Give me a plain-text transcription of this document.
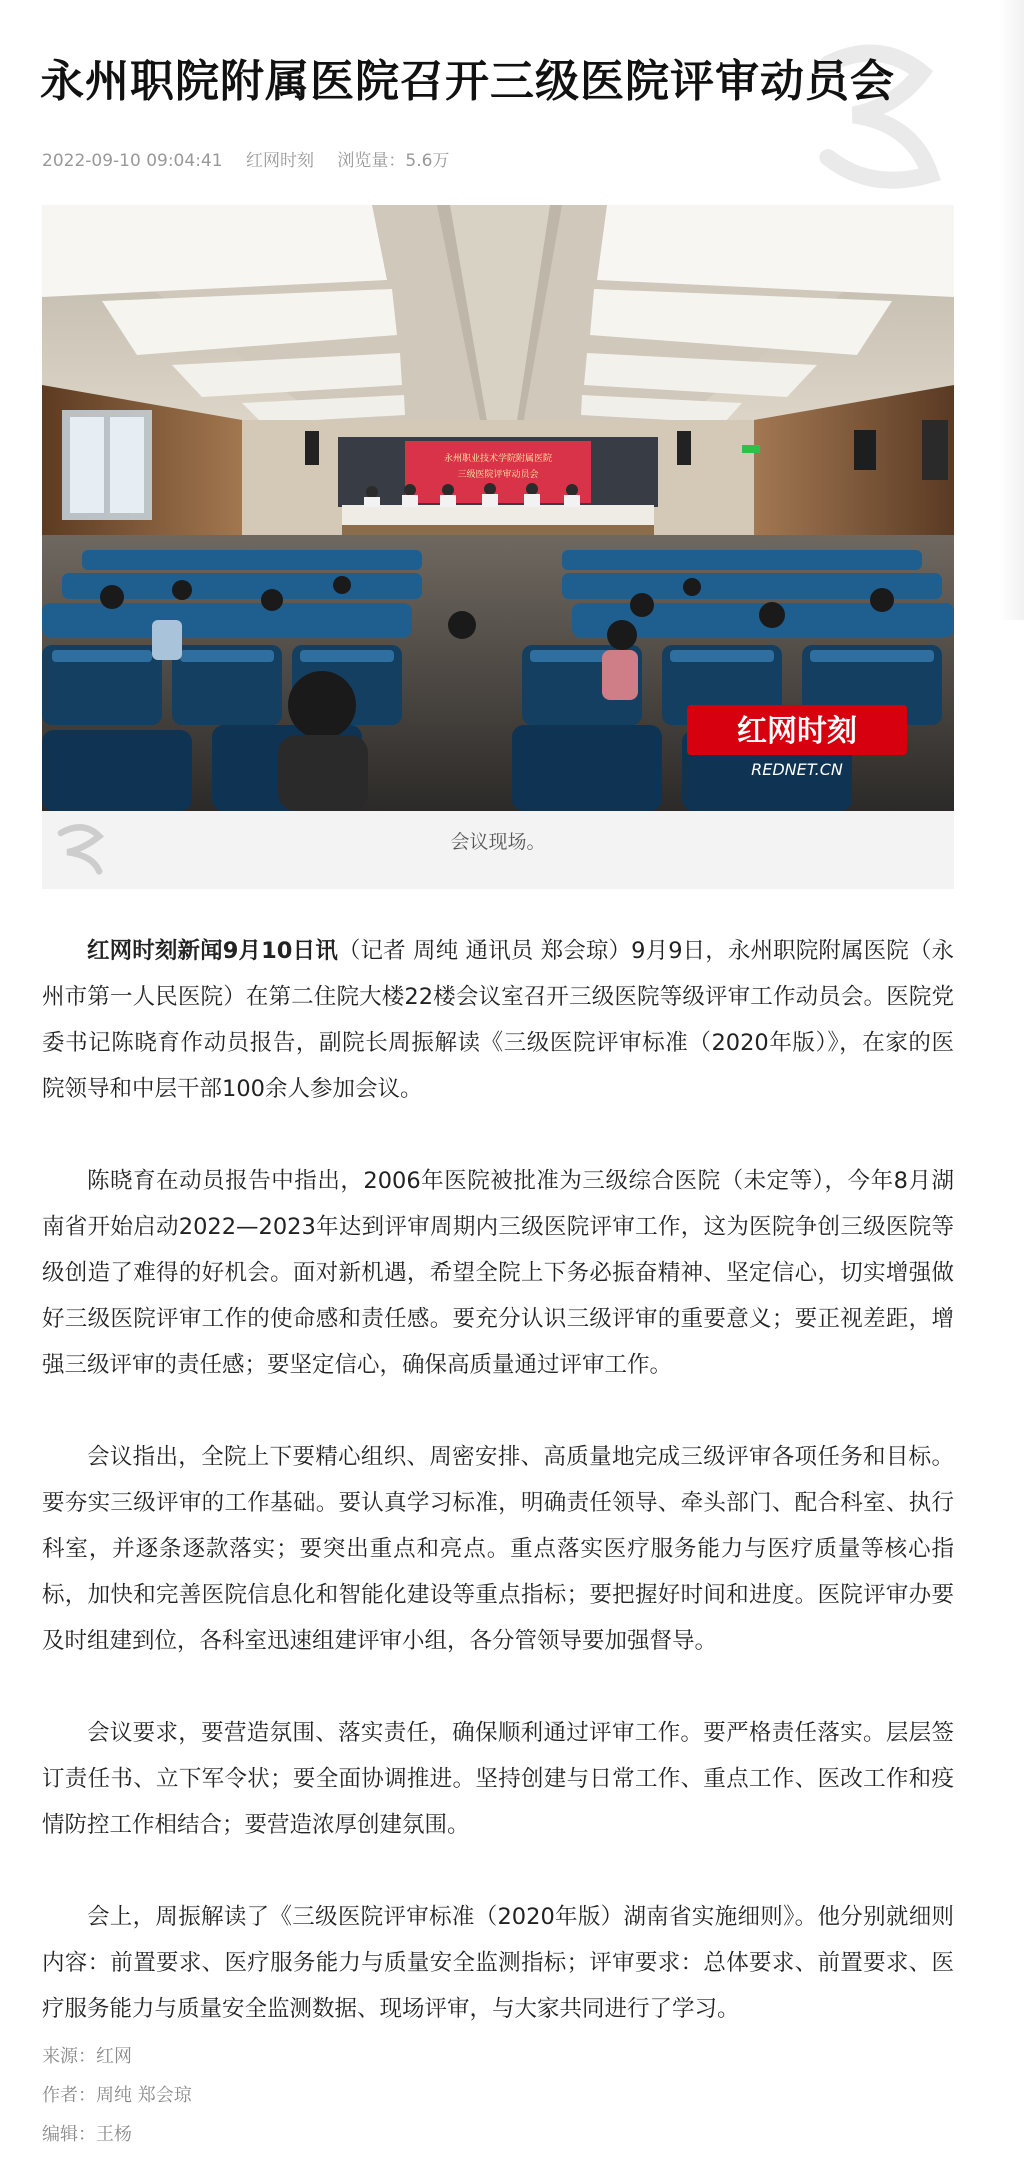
永州职院附属医院召开三级医院评审动员会
2022-09-10 09:04:41 红网时刻 浏览量：5.6万
永州职业技术学院附属医院
三级医院评审动员会
红网时刻
REDNET.CN
会议现场。

红网时刻新闻9月10日讯（记者 周纯 通讯员 郑会琼）9月9日，永州职院附属医院（永州市第一人民医院）在第二住院大楼22楼会议室召开三级医院等级评审工作动员会。医院党委书记陈晓育作动员报告，副院长周振解读《三级医院评审标准（2020年版）》，在家的医院领导和中层干部100余人参加会议。

陈晓育在动员报告中指出，2006年医院被批准为三级综合医院（未定等），今年8月湖南省开始启动2022—2023年达到评审周期内三级医院评审工作，这为医院争创三级医院等级创造了难得的好机会。面对新机遇，希望全院上下务必振奋精神、坚定信心，切实增强做好三级医院评审工作的使命感和责任感。要充分认识三级评审的重要意义；要正视差距，增强三级评审的责任感；要坚定信心，确保高质量通过评审工作。

会议指出，全院上下要精心组织、周密安排、高质量地完成三级评审各项任务和目标。要夯实三级评审的工作基础。要认真学习标准，明确责任领导、牵头部门、配合科室、执行科室，并逐条逐款落实；要突出重点和亮点。重点落实医疗服务能力与医疗质量等核心指标，加快和完善医院信息化和智能化建设等重点指标；要把握好时间和进度。医院评审办要及时组建到位，各科室迅速组建评审小组，各分管领导要加强督导。

会议要求，要营造氛围、落实责任，确保顺利通过评审工作。要严格责任落实。层层签订责任书、立下军令状；要全面协调推进。坚持创建与日常工作、重点工作、医改工作和疫情防控工作相结合；要营造浓厚创建氛围。

会上，周振解读了《三级医院评审标准（2020年版）湖南省实施细则》。他分别就细则内容：前置要求、医疗服务能力与质量安全监测指标；评审要求：总体要求、前置要求、医疗服务能力与质量安全监测数据、现场评审，与大家共同进行了学习。

来源：红网
作者：周纯 郑会琼
编辑：王杨
